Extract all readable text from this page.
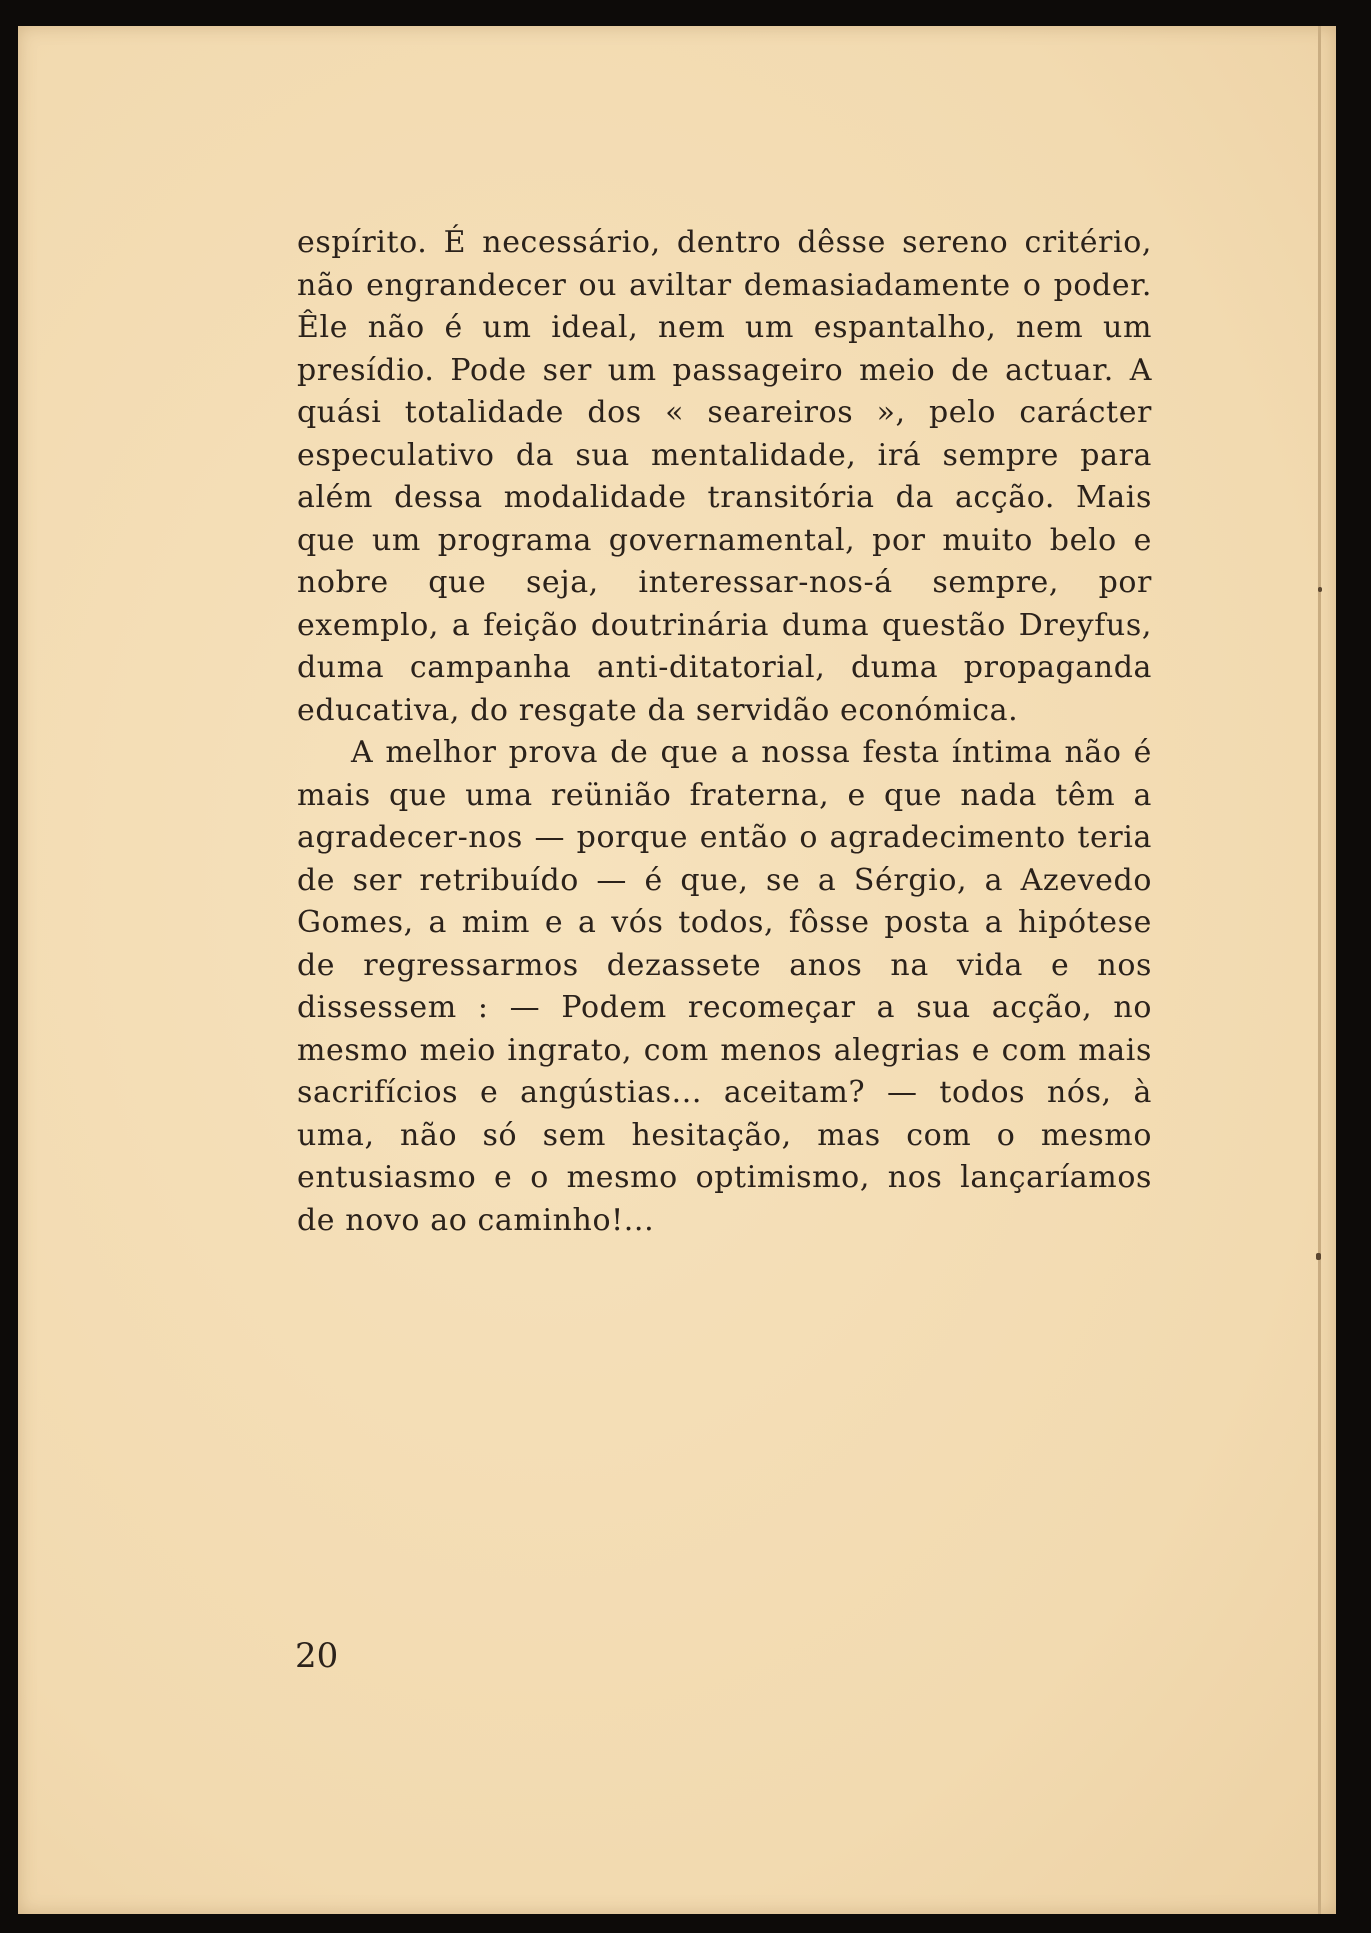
espírito. É necessário, dentro dêsse sereno critério, não engrandecer ou aviltar demasiadamente o poder. Êle não é um ideal, nem um espantalho, nem um presídio. Pode ser um passageiro meio de actuar. A quási totalidade dos « seareiros », pelo carácter especulativo da sua mentalidade, irá sempre para além dessa modalidade transitória da acção. Mais que um programa governamental, por muito belo e nobre que seja, interessar-nos-á sempre, por exemplo, a feição doutrinária duma questão Dreyfus, duma campanha anti-ditatorial, duma propaganda educativa, do resgate da servidão económica.

A melhor prova de que a nossa festa íntima não é mais que uma reünião fraterna, e que nada têm a agradecer-nos — porque então o agradecimento teria de ser retribuído — é que, se a Sérgio, a Azevedo Gomes, a mim e a vós todos, fôsse posta a hipótese de regressarmos dezassete anos na vida e nos dissessem : — Podem recomeçar a sua acção, no mesmo meio ingrato, com menos alegrias e com mais sacrifícios e angústias... aceitam? — todos nós, à uma, não só sem hesitação, mas com o mesmo entusiasmo e o mesmo optimismo, nos lançaríamos de novo ao caminho!...

20
